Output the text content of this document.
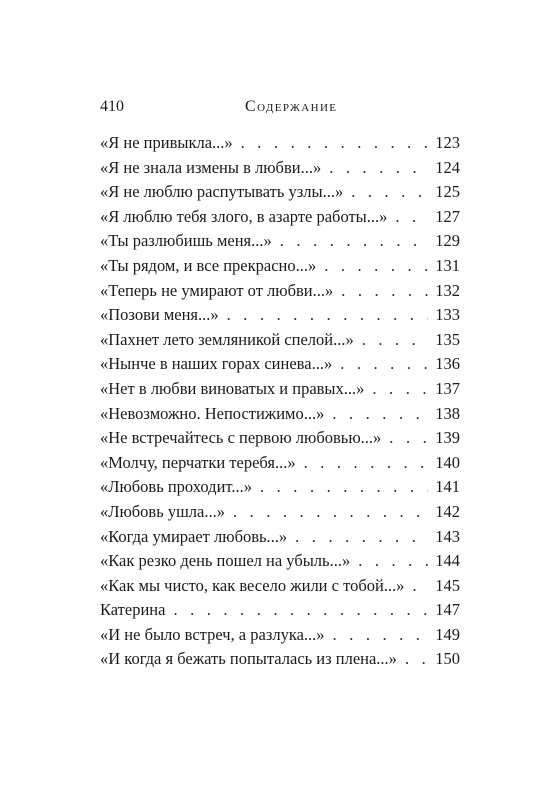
410	Содержание
«Я не привыкла...» . . .	123
«Я не знала измены в любви...» . . .	124
«Я не люблю распутывать узлы...» . . .	125
«Я люблю тебя злого, в азарте работы...» . . .	127
«Ты разлюбишь меня...» . . .	129
«Ты рядом, и все прекрасно...» . . .	131
«Теперь не умирают от любви...» . . .	132
«Позови меня...» . . .	133
«Пахнет лето земляникой спелой...» . . .	135
«Нынче в наших горах синева...» . . .	136
«Нет в любви виноватых и правых...» . . .	137
«Невозможно. Непостижимо...» . . .	138
«Не встречайтесь с первою любовью...» . . .	139
«Молчу, перчатки теребя...» . . .	140
«Любовь проходит...» . . .	141
«Любовь ушла...» . . .	142
«Когда умирает любовь...» . . .	143
«Как резко день пошел на убыль...» . . .	144
«Как мы чисто, как весело жили с тобой...» . . . 145
Катерина . . .	147
«И не было встреч, а разлука...» . . .	149
«И когда я бежать попыталась из плена...» . . . 150
